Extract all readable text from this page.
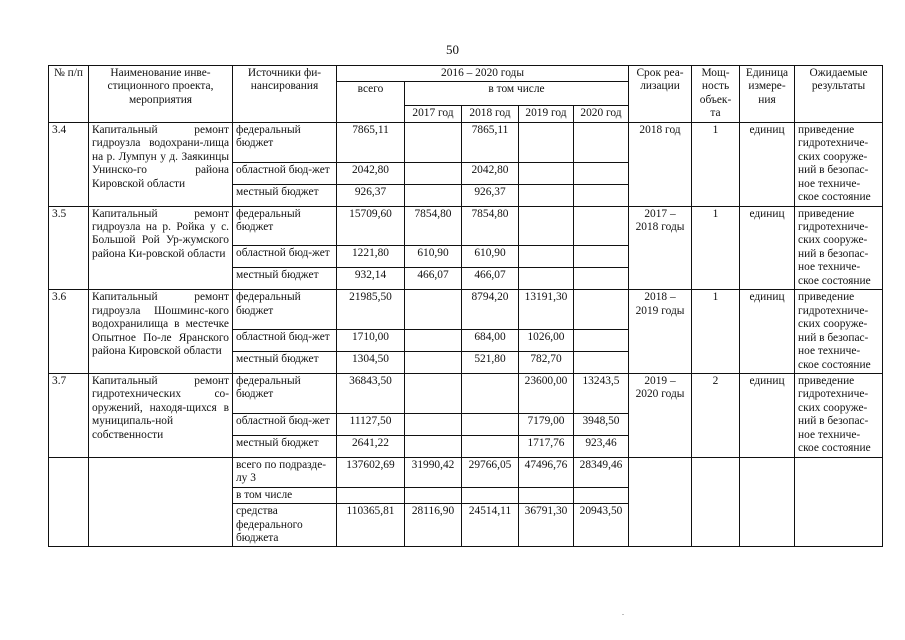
50
№ п/п	Наименование инве-стиционного проекта, мероприятия	Источники фи-нансирования	2016 – 2020 годы					Срок реа-лизации	Мощ-ность объек-та	Единица измере-ния	Ожидаемые результаты
			всего	в том числе							
				2017 год	2018 год	2019 год	2020 год				
3.4	Капитальный ремонт гидроузла водохрани-лища на р. Лумпун у д. Заякинцы Унинско-го района Кировской области	федеральный бюджет	7865,11		7865,11			2018 год	1	единиц	приведение гидротехниче-ских сооруже-ний в безопас-ное техниче-ское состояние
		областной бюд-жет	2042,80		2042,80						
		местный бюджет	926,37		926,37						
3.5	Капитальный ремонт гидроузла на р. Ройка у с. Большой Рой Ур-жумского района Ки-ровской области	федеральный бюджет	15709,60	7854,80	7854,80			2017 – 2018 годы	1	единиц	приведение гидротехниче-ских сооруже-ний в безопас-ное техниче-ское состояние
		областной бюд-жет	1221,80	610,90	610,90						
		местный бюджет	932,14	466,07	466,07						
3.6	Капитальный ремонт гидроузла Шошминс-кого водохранилища в местечке Опытное По-ле Яранского района Кировской области	федеральный бюджет	21985,50		8794,20	13191,30		2018 – 2019 годы	1	единиц	приведение гидротехниче-ских сооруже-ний в безопас-ное техниче-ское состояние
		областной бюд-жет	1710,00		684,00	1026,00					
		местный бюджет	1304,50		521,80	782,70					
3.7	Капитальный ремонт гидротехнических со-оружений, находя-щихся в муниципаль-ной собственности	федеральный бюджет	36843,50			23600,00	13243,5	2019 – 2020 годы	2	единиц	приведение гидротехниче-ских сооруже-ний в безопас-ное техниче-ское состояние
		областной бюд-жет	11127,50			7179,00	3948,50				
		местный бюджет	2641,22			1717,76	923,46				
		всего по подразде-лу 3	137602,69	31990,42	29766,05	47496,76	28349,46				
		в том числе									
		средства федерального бюджета	110365,81	28116,90	24514,11	36791,30	20943,50				
.
